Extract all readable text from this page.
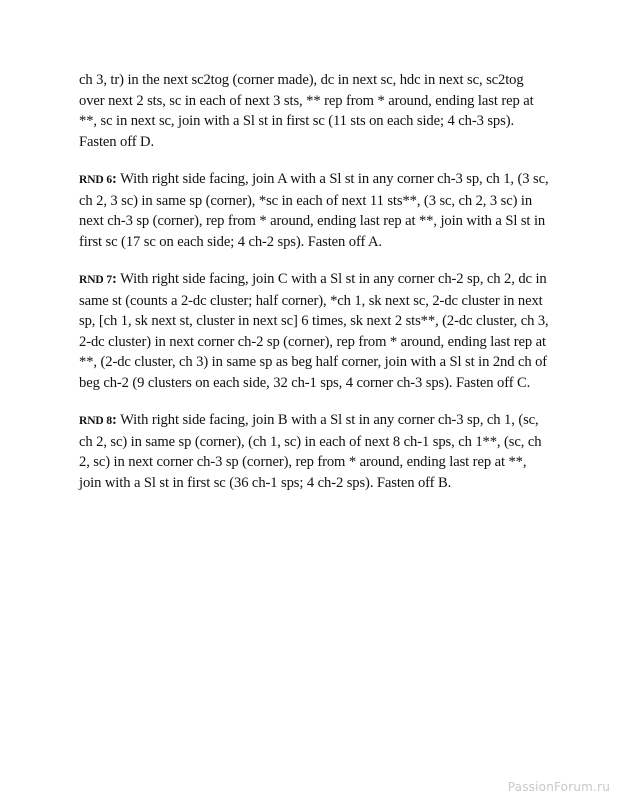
ch 3, tr) in the next sc2tog (corner made), dc in next sc, hdc in next sc, sc2tog over next 2 sts, sc in each of next 3 sts, ** rep from * around, ending last rep at **, sc in next sc, join with a Sl st in first sc (11 sts on each side; 4 ch-3 sps). Fasten off D.

RND 6: With right side facing, join A with a Sl st in any corner ch-3 sp, ch 1, (3 sc, ch 2, 3 sc) in same sp (corner), *sc in each of next 11 sts**, (3 sc, ch 2, 3 sc) in next ch-3 sp (corner), rep from * around, ending last rep at **, join with a Sl st in first sc (17 sc on each side; 4 ch-2 sps). Fasten off A.

RND 7: With right side facing, join C with a Sl st in any corner ch-2 sp, ch 2, dc in same st (counts a 2-dc cluster; half corner), *ch 1, sk next sc, 2-dc cluster in next sp, [ch 1, sk next st, cluster in next sc] 6 times, sk next 2 sts**, (2-dc cluster, ch 3, 2-dc cluster) in next corner ch-2 sp (corner), rep from * around, ending last rep at **, (2-dc cluster, ch 3) in same sp as beg half corner, join with a Sl st in 2nd ch of beg ch-2 (9 clusters on each side, 32 ch-1 sps, 4 corner ch-3 sps). Fasten off C.

RND 8: With right side facing, join B with a Sl st in any corner ch-3 sp, ch 1, (sc, ch 2, sc) in same sp (corner), (ch 1, sc) in each of next 8 ch-1 sps, ch 1**, (sc, ch 2, sc) in next corner ch-3 sp (corner), rep from * around, ending last rep at **, join with a Sl st in first sc (36 ch-1 sps; 4 ch-2 sps). Fasten off B.

PassionForum.ru
